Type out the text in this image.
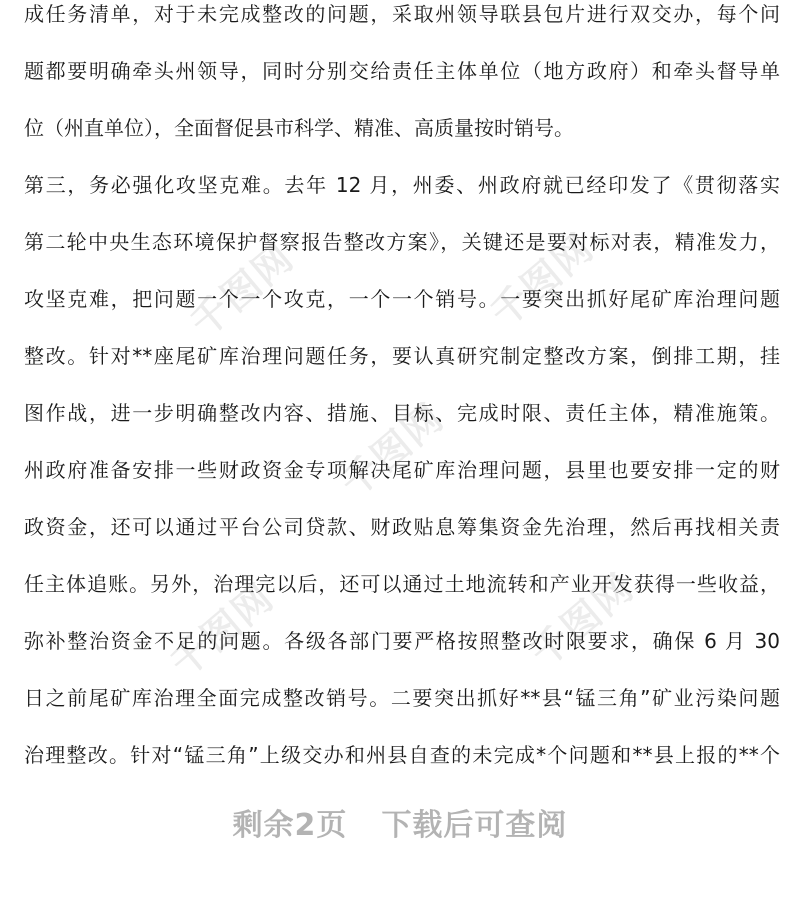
千图网	千图网
千图网
千图网	千图网
成任务清单，对于未完成整改的问题，采取州领导联县包片进行双交办，每个问
题都要明确牵头州领导，同时分别交给责任主体单位（地方政府）和牵头督导单
位（州直单位），全面督促县市科学、精准、高质量按时销号。
第三，务必强化攻坚克难。去年 12 月，州委、州政府就已经印发了《贯彻落实
第二轮中央生态环境保护督察报告整改方案》，关键还是要对标对表，精准发力，
攻坚克难，把问题一个一个攻克，一个一个销号。一要突出抓好尾矿库治理问题
整改。针对**座尾矿库治理问题任务，要认真研究制定整改方案，倒排工期，挂
图作战，进一步明确整改内容、措施、目标、完成时限、责任主体，精准施策。
州政府准备安排一些财政资金专项解决尾矿库治理问题，县里也要安排一定的财
政资金，还可以通过平台公司贷款、财政贴息筹集资金先治理，然后再找相关责
任主体追账。另外，治理完以后，还可以通过土地流转和产业开发获得一些收益，
弥补整治资金不足的问题。各级各部门要严格按照整改时限要求，确保 6 月 30
日之前尾矿库治理全面完成整改销号。二要突出抓好**县“锰三角”矿业污染问题
治理整改。针对“锰三角”上级交办和州县自查的未完成*个问题和**县上报的**个
剩余2页 下载后可查阅
